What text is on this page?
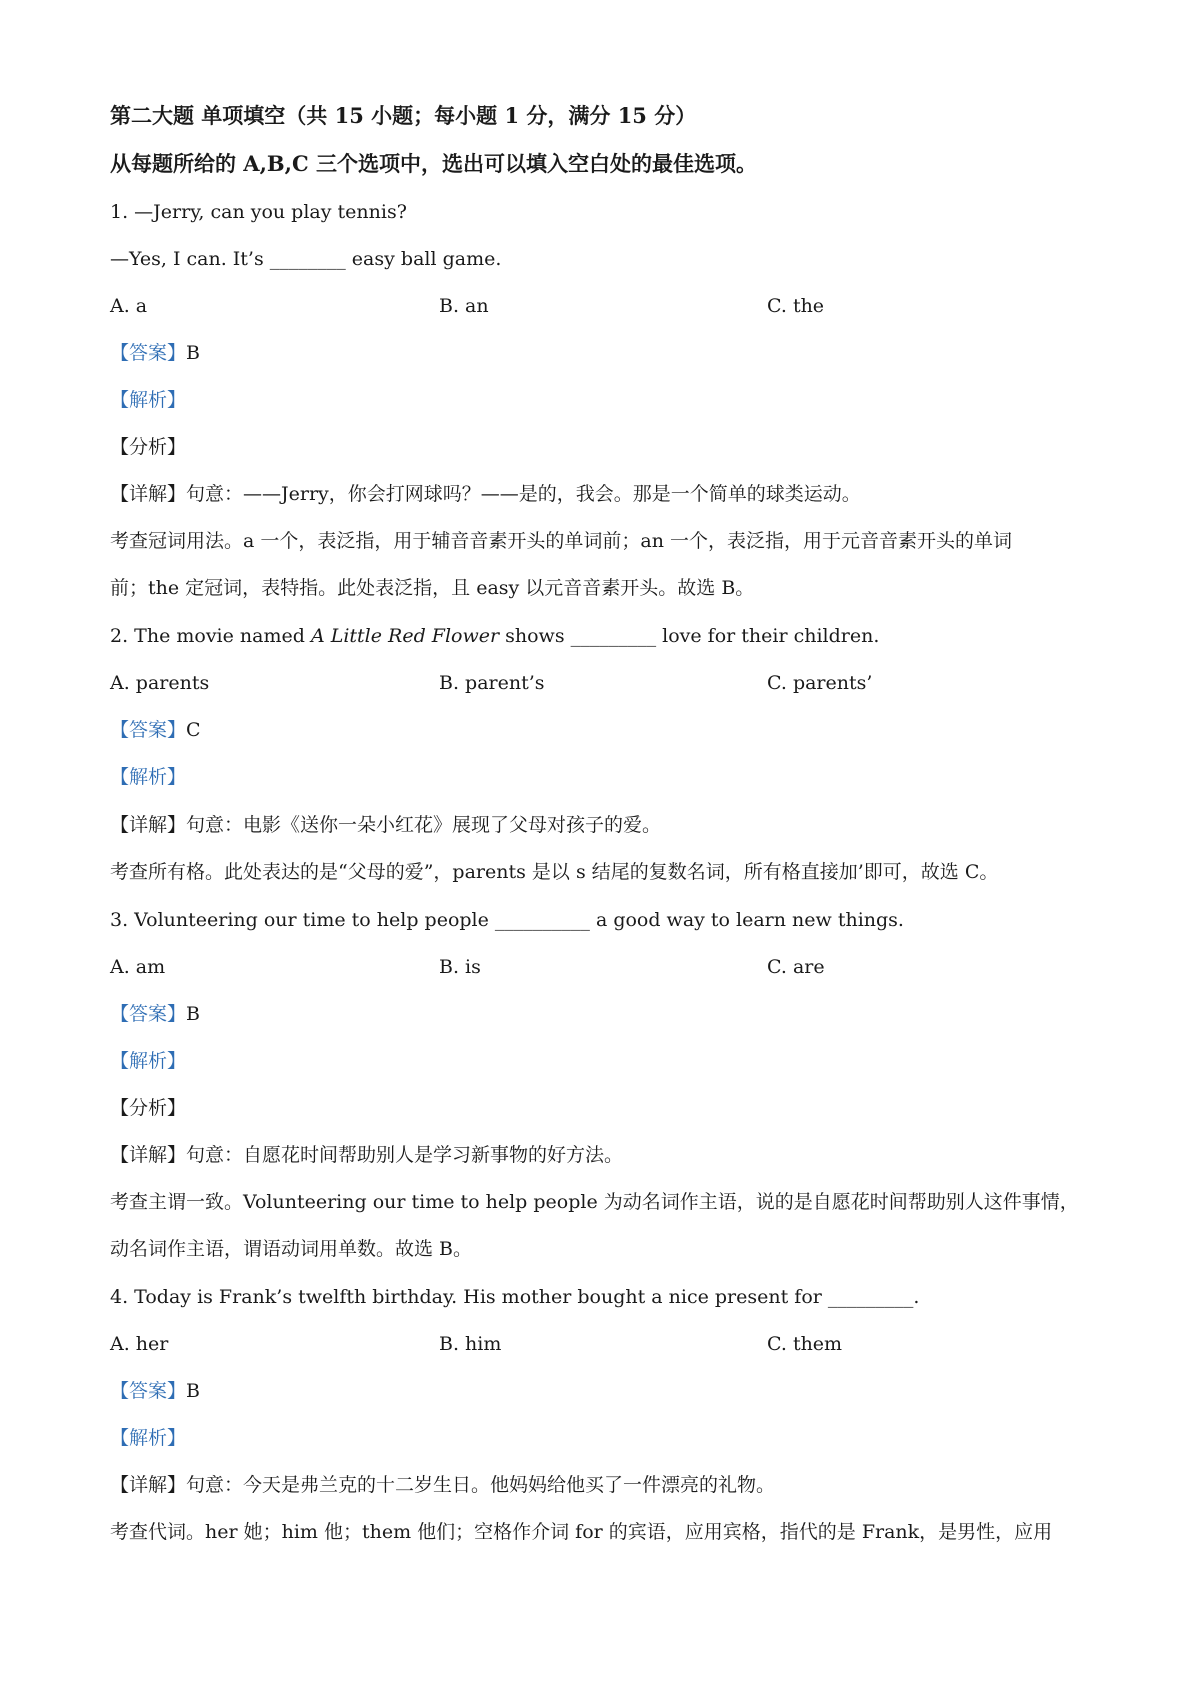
第二大题 单项填空（共 15 小题；每小题 1 分，满分 15 分）
从每题所给的 A,B,C 三个选项中，选出可以填入空白处的最佳选项。
1. —Jerry, can you play tennis?
—Yes, I can. It’s ________ easy ball game.
A. a	B. an	C. the
【答案】B
【解析】
【分析】
【详解】句意：——Jerry，你会打网球吗？——是的，我会。那是一个简单的球类运动。
考查冠词用法。a 一个，表泛指，用于辅音音素开头的单词前；an 一个，表泛指，用于元音音素开头的单词
前；the 定冠词，表特指。此处表泛指，且 easy 以元音音素开头。故选 B。
2. The movie named A Little Red Flower shows _________ love for their children.
A. parents	B. parent’s	C. parents’
【答案】C
【解析】
【详解】句意：电影《送你一朵小红花》展现了父母对孩子的爱。
考查所有格。此处表达的是“父母的爱”，parents 是以 s 结尾的复数名词，所有格直接加’即可，故选 C。
3. Volunteering our time to help people __________ a good way to learn new things.
A. am	B. is	C. are
【答案】B
【解析】
【分析】
【详解】句意：自愿花时间帮助别人是学习新事物的好方法。
考查主谓一致。Volunteering our time to help people 为动名词作主语，说的是自愿花时间帮助别人这件事情，
动名词作主语，谓语动词用单数。故选 B。
4. Today is Frank’s twelfth birthday. His mother bought a nice present for _________.
A. her	B. him	C. them
【答案】B
【解析】
【详解】句意：今天是弗兰克的十二岁生日。他妈妈给他买了一件漂亮的礼物。
考查代词。her 她；him 他；them 他们；空格作介词 for 的宾语，应用宾格，指代的是 Frank，是男性，应用
